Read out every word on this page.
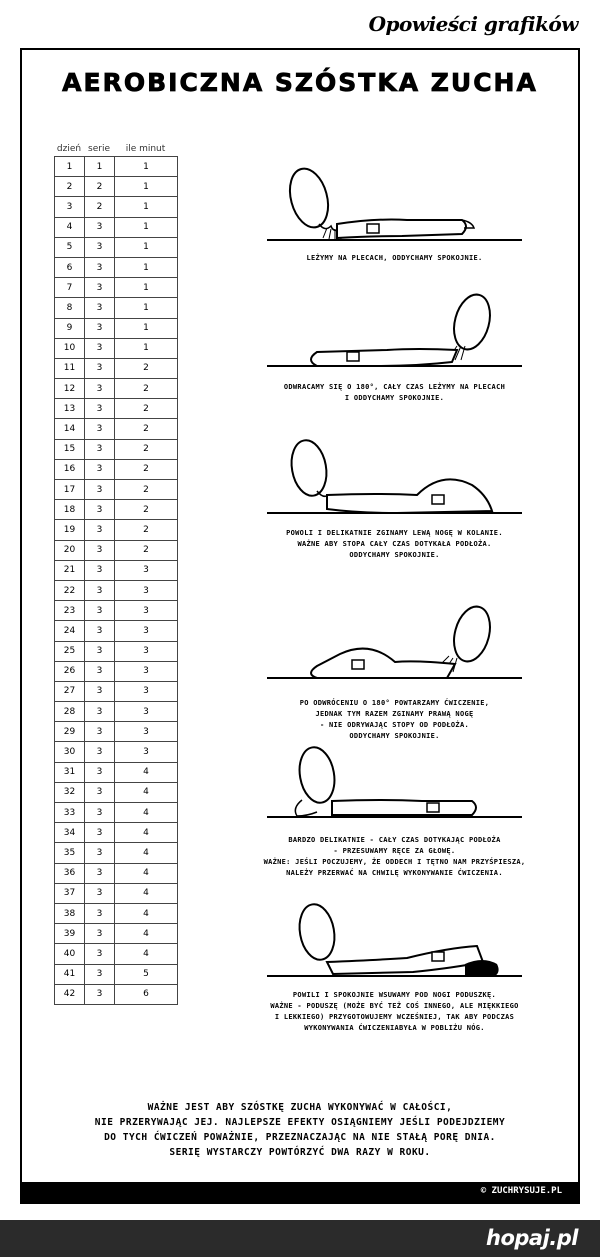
Opowieści grafików
AEROBICZNA SZÓSTKA ZUCHA
dzień serie	ile minut
1	1	1
2	2	1
3	2	1
4	3	1
5	3	1
6	3	1
7	3	1
8	3	1
9	3	1
10	3	1
11	3	2
12	3	2
13	3	2
14	3	2
15	3	2
16	3	2
17	3	2
18	3	2
19	3	2
20	3	2
21	3	3
22	3	3
23	3	3
24	3	3
25	3	3
26	3	3
27	3	3
28	3	3
29	3	3
30	3	3
31	3	4
32	3	4
33	3	4
34	3	4
35	3	4
36	3	4
37	3	4
38	3	4
39	3	4
40	3	4
41	3	5
42	3	6
LEŻYMY NA PLECACH, ODDYCHAMY SPOKOJNIE.
ODWRACAMY SIĘ O 180°, CAŁY CZAS LEŻYMY NA PLECACH
I ODDYCHAMY SPOKOJNIE.
POWOLI I DELIKATNIE ZGINAMY LEWĄ NOGĘ W KOLANIE.
WAŻNE ABY STOPA CAŁY CZAS DOTYKAŁA PODŁOŻA.
ODDYCHAMY SPOKOJNIE.
PO ODWRÓCENIU O 180° POWTARZAMY ĆWICZENIE,
JEDNAK TYM RAZEM ZGINAMY PRAWĄ NOGĘ
- NIE ODRYWAJĄC STOPY OD PODŁOŻA.
ODDYCHAMY SPOKOJNIE.
BARDZO DELIKATNIE - CAŁY CZAS DOTYKAJĄC PODŁOŻA
- PRZESUWAMY RĘCE ZA GŁOWĘ.
WAŻNE: JEŚLI POCZUJEMY, ŻE ODDECH I TĘTNO NAM PRZYŚPIESZA,
NALEŻY PRZERWAĆ NA CHWILĘ WYKONYWANIE ĆWICZENIA.
POWILI I SPOKOJNIE WSUWAMY POD NOGI PODUSZKĘ.
WAŻNE - PODUSZĘ (MOŻE BYĆ TEŻ COŚ INNEGO, ALE MIĘKKIEGO
I LEKKIEGO) PRZYGOTOWUJEMY WCZEŚNIEJ, TAK ABY PODCZAS
WYKONYWANIA ĆWICZENIABYŁA W POBLIŻU NÓG.
WAŻNE JEST ABY SZÓSTKĘ ZUCHA WYKONYWAĆ W CAŁOŚCI,
NIE PRZERYWAJĄC JEJ. NAJLEPSZE EFEKTY OSIĄGNIEMY JEŚLI PODEJDZIEMY
DO TYCH ĆWICZEŃ POWAŻNIE, PRZEZNACZAJĄC NA NIE STAŁĄ PORĘ DNIA.
SERIĘ WYSTARCZY POWTÓRZYĆ DWA RAZY W ROKU.
© ZUCHRYSUJE.PL
hopaj.pl
